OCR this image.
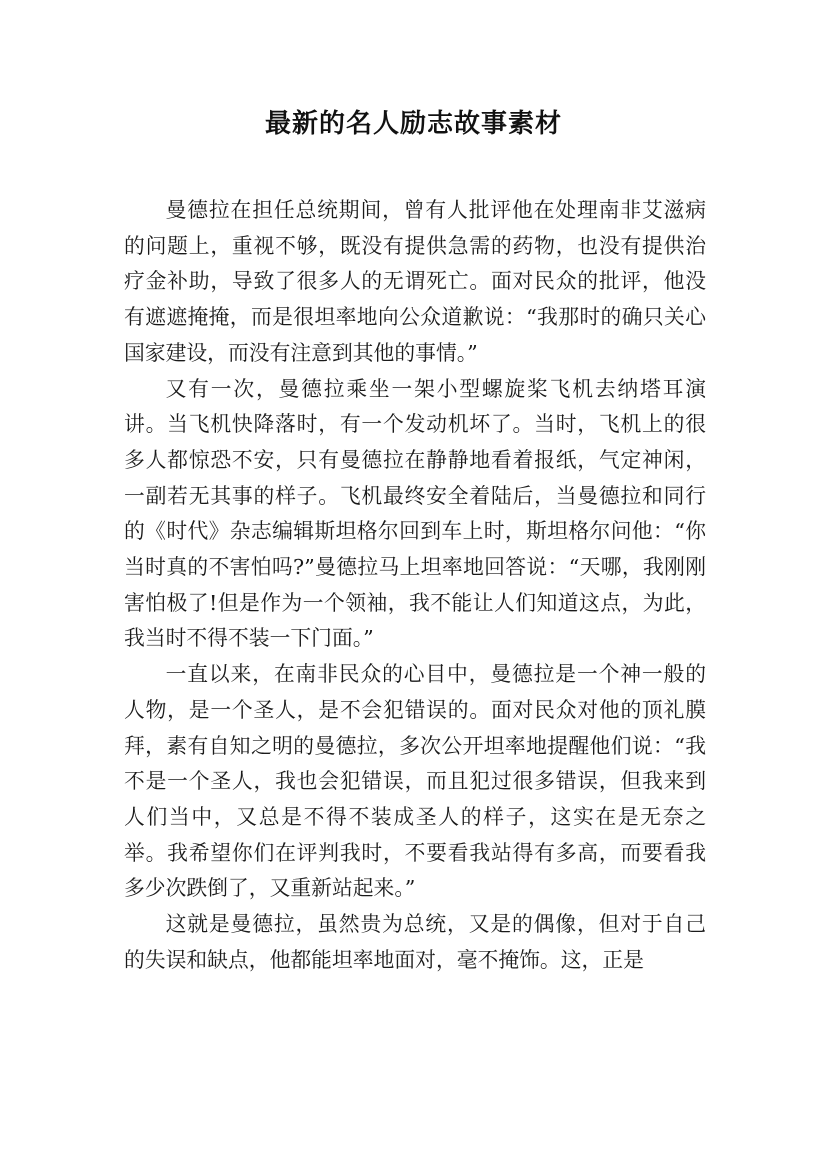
最新的名人励志故事素材

曼德拉在担任总统期间，曾有人批评他在处理南非艾滋病的问题上，重视不够，既没有提供急需的药物，也没有提供治疗金补助，导致了很多人的无谓死亡。面对民众的批评，他没有遮遮掩掩，而是很坦率地向公众道歉说：“我那时的确只关心国家建设，而没有注意到其他的事情。”

又有一次，曼德拉乘坐一架小型螺旋桨飞机去纳塔耳演讲。当飞机快降落时，有一个发动机坏了。当时，飞机上的很多人都惊恐不安，只有曼德拉在静静地看着报纸，气定神闲，一副若无其事的样子。飞机最终安全着陆后，当曼德拉和同行的《时代》杂志编辑斯坦格尔回到车上时，斯坦格尔问他：“你当时真的不害怕吗?”曼德拉马上坦率地回答说：“天哪，我刚刚害怕极了!但是作为一个领袖，我不能让人们知道这点，为此，我当时不得不装一下门面。”

一直以来，在南非民众的心目中，曼德拉是一个神一般的人物，是一个圣人，是不会犯错误的。面对民众对他的顶礼膜拜，素有自知之明的曼德拉，多次公开坦率地提醒他们说：“我不是一个圣人，我也会犯错误，而且犯过很多错误，但我来到人们当中，又总是不得不装成圣人的样子，这实在是无奈之举。我希望你们在评判我时，不要看我站得有多高，而要看我多少次跌倒了，又重新站起来。”

这就是曼德拉，虽然贵为总统，又是的偶像，但对于自己的失误和缺点，他都能坦率地面对，毫不掩饰。这，正是
